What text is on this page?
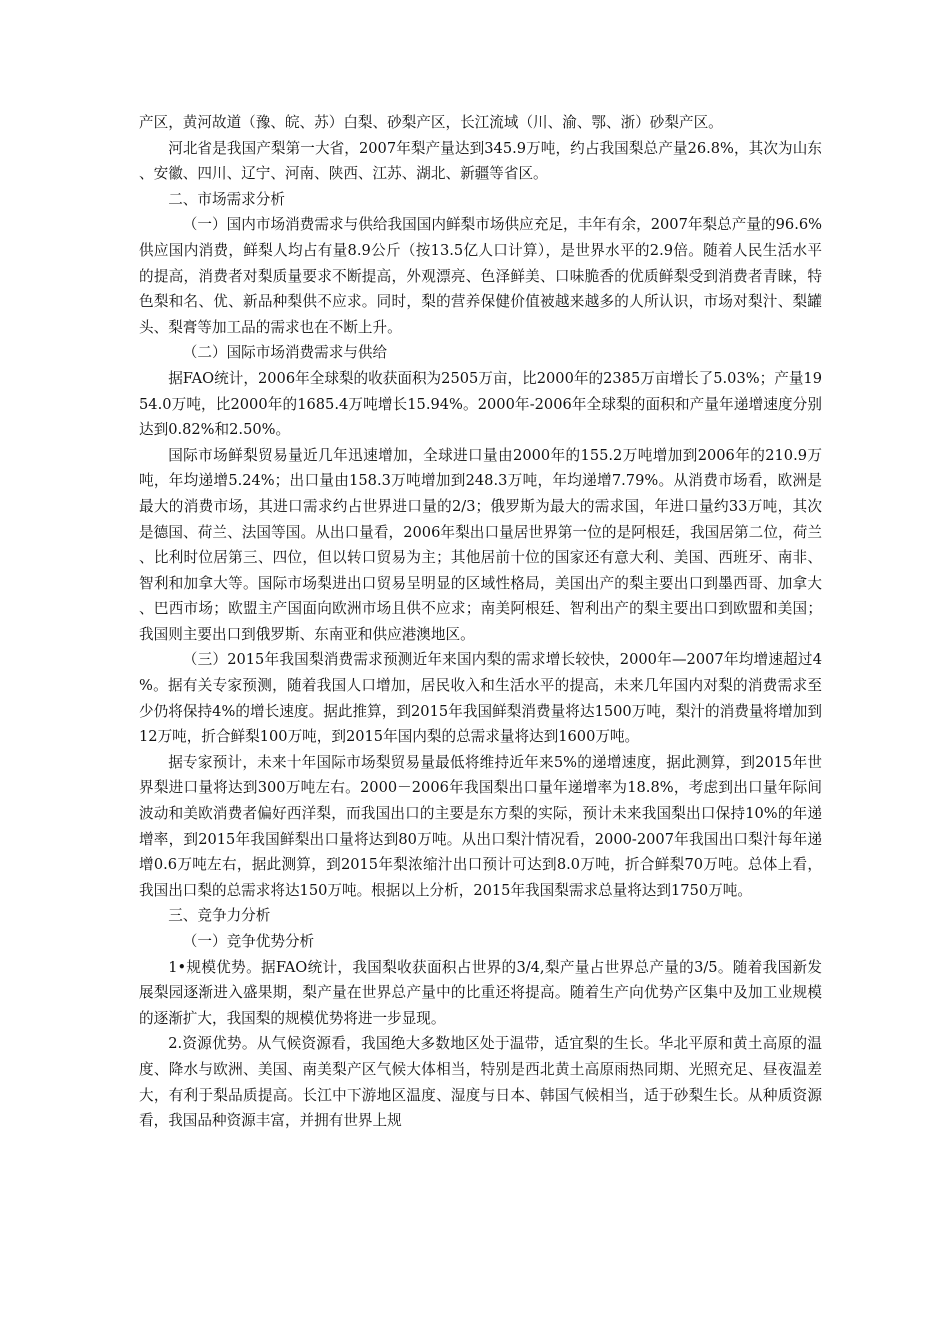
产区，黄河故道（豫、皖、苏）白梨、砂梨产区，长江流域（川、渝、鄂、浙）砂梨产区。

河北省是我国产梨第一大省，2007年梨产量达到345.9万吨，约占我国梨总产量26.8%，其次为山东、安徽、四川、辽宁、河南、陕西、江苏、湖北、新疆等省区。

二、市场需求分析

（一）国内市场消费需求与供给我国国内鲜梨市场供应充足，丰年有余，2007年梨总产量的96.6%供应国内消费，鲜梨人均占有量8.9公斤（按13.5亿人口计算），是世界水平的2.9倍。随着人民生活水平的提高，消费者对梨质量要求不断提高，外观漂亮、色泽鲜美、口味脆香的优质鲜梨受到消费者青睐，特色梨和名、优、新品种梨供不应求。同时，梨的营养保健价值被越来越多的人所认识，市场对梨汁、梨罐头、梨膏等加工品的需求也在不断上升。

（二）国际市场消费需求与供给

据FAO统计，2006年全球梨的收获面积为2505万亩，比2000年的2385万亩增长了5.03%；产量1954.0万吨，比2000年的1685.4万吨增长15.94%。2000年-2006年全球梨的面积和产量年递增速度分别达到0.82%和2.50%。

国际市场鲜梨贸易量近几年迅速增加，全球进口量由2000年的155.2万吨增加到2006年的210.9万吨，年均递增5.24%；出口量由158.3万吨增加到248.3万吨，年均递增7.79%。从消费市场看，欧洲是最大的消费市场，其进口需求约占世界进口量的2/3；俄罗斯为最大的需求国，年进口量约33万吨，其次是德国、荷兰、法国等国。从出口量看，2006年梨出口量居世界第一位的是阿根廷，我国居第二位，荷兰、比利时位居第三、四位，但以转口贸易为主；其他居前十位的国家还有意大利、美国、西班牙、南非、智利和加拿大等。国际市场梨进出口贸易呈明显的区域性格局，美国出产的梨主要出口到墨西哥、加拿大、巴西市场；欧盟主产国面向欧洲市场且供不应求；南美阿根廷、智利出产的梨主要出口到欧盟和美国；我国则主要出口到俄罗斯、东南亚和供应港澳地区。

（三）2015年我国梨消费需求预测近年来国内梨的需求增长较快，2000年—2007年均增速超过4%。据有关专家预测，随着我国人口增加，居民收入和生活水平的提高，未来几年国内对梨的消费需求至少仍将保持4%的增长速度。据此推算，到2015年我国鲜梨消费量将达1500万吨，梨汁的消费量将增加到12万吨，折合鲜梨100万吨，到2015年国内梨的总需求量将达到1600万吨。

据专家预计，未来十年国际市场梨贸易量最低将维持近年来5%的递增速度，据此测算，到2015年世界梨进口量将达到300万吨左右。2000－2006年我国梨出口量年递增率为18.8%，考虑到出口量年际间波动和美欧消费者偏好西洋梨，而我国出口的主要是东方梨的实际，预计未来我国梨出口保持10%的年递增率，到2015年我国鲜梨出口量将达到80万吨。从出口梨汁情况看，2000-2007年我国出口梨汁每年递增0.6万吨左右，据此测算，到2015年梨浓缩汁出口预计可达到8.0万吨，折合鲜梨70万吨。总体上看，我国出口梨的总需求将达150万吨。根据以上分析，2015年我国梨需求总量将达到1750万吨。

三、竞争力分析

（一）竞争优势分析

1•规模优势。据FAO统计，我国梨收获面积占世界的3/4,梨产量占世界总产量的3/5。随着我国新发展梨园逐渐进入盛果期，梨产量在世界总产量中的比重还将提高。随着生产向优势产区集中及加工业规模的逐渐扩大，我国梨的规模优势将进一步显现。

2.资源优势。从气候资源看，我国绝大多数地区处于温带，适宜梨的生长。华北平原和黄土高原的温度、降水与欧洲、美国、南美梨产区气候大体相当，特别是西北黄土高原雨热同期、光照充足、昼夜温差大，有利于梨品质提高。长江中下游地区温度、湿度与日本、韩国气候相当，适于砂梨生长。从种质资源看，我国品种资源丰富，并拥有世界上规
